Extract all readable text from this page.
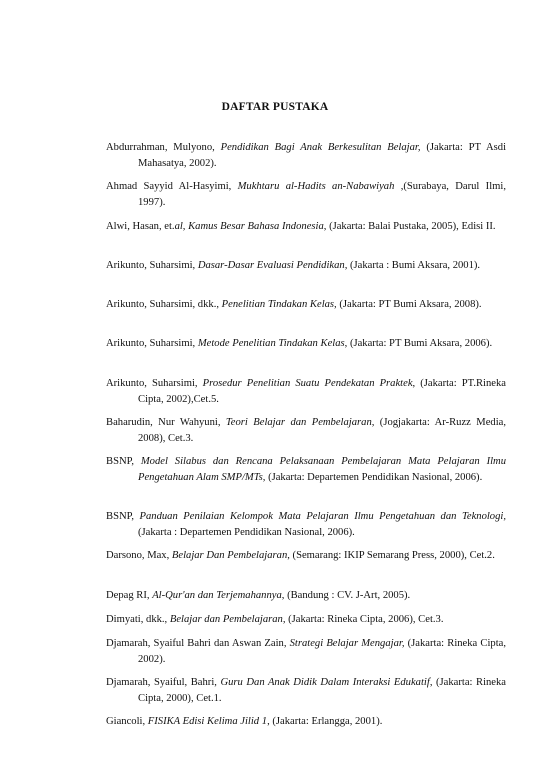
DAFTAR PUSTAKA

Abdurrahman, Mulyono, Pendidikan Bagi Anak Berkesulitan Belajar, (Jakarta: PT Asdi Mahasatya, 2002).

Ahmad Sayyid Al-Hasyimi, Mukhtaru al-Hadits an-Nabawiyah ,(Surabaya, Darul Ilmi, 1997).

Alwi, Hasan, et.al, Kamus Besar Bahasa Indonesia, (Jakarta: Balai Pustaka, 2005), Edisi II.

Arikunto, Suharsimi, Dasar-Dasar Evaluasi Pendidikan, (Jakarta : Bumi Aksara, 2001).

Arikunto, Suharsimi, dkk., Penelitian Tindakan Kelas, (Jakarta: PT Bumi Aksara, 2008).

Arikunto, Suharsimi, Metode Penelitian Tindakan Kelas, (Jakarta: PT Bumi Aksara, 2006).

Arikunto, Suharsimi, Prosedur Penelitian Suatu Pendekatan Praktek, (Jakarta: PT.Rineka Cipta, 2002),Cet.5.

Baharudin, Nur Wahyuni, Teori Belajar dan Pembelajaran, (Jogjakarta: Ar-Ruzz Media, 2008), Cet.3.

BSNP, Model Silabus dan Rencana Pelaksanaan Pembelajaran Mata Pelajaran Ilmu Pengetahuan Alam SMP/MTs, (Jakarta: Departemen Pendidikan Nasional, 2006).

BSNP, Panduan Penilaian Kelompok Mata Pelajaran Ilmu Pengetahuan dan Teknologi, (Jakarta : Departemen Pendidikan Nasional, 2006).

Darsono, Max, Belajar Dan Pembelajaran, (Semarang: IKIP Semarang Press, 2000), Cet.2.

Depag RI, Al-Qur'an dan Terjemahannya, (Bandung : CV. J-Art, 2005).

Dimyati, dkk., Belajar dan Pembelajaran, (Jakarta: Rineka Cipta, 2006), Cet.3.

Djamarah, Syaiful Bahri dan Aswan Zain, Strategi Belajar Mengajar, (Jakarta: Rineka Cipta, 2002).

Djamarah, Syaiful, Bahri, Guru Dan Anak Didik Dalam Interaksi Edukatif, (Jakarta: Rineka Cipta, 2000), Cet.1.

Giancoli, FISIKA Edisi Kelima Jilid 1, (Jakarta: Erlangga, 2001).
